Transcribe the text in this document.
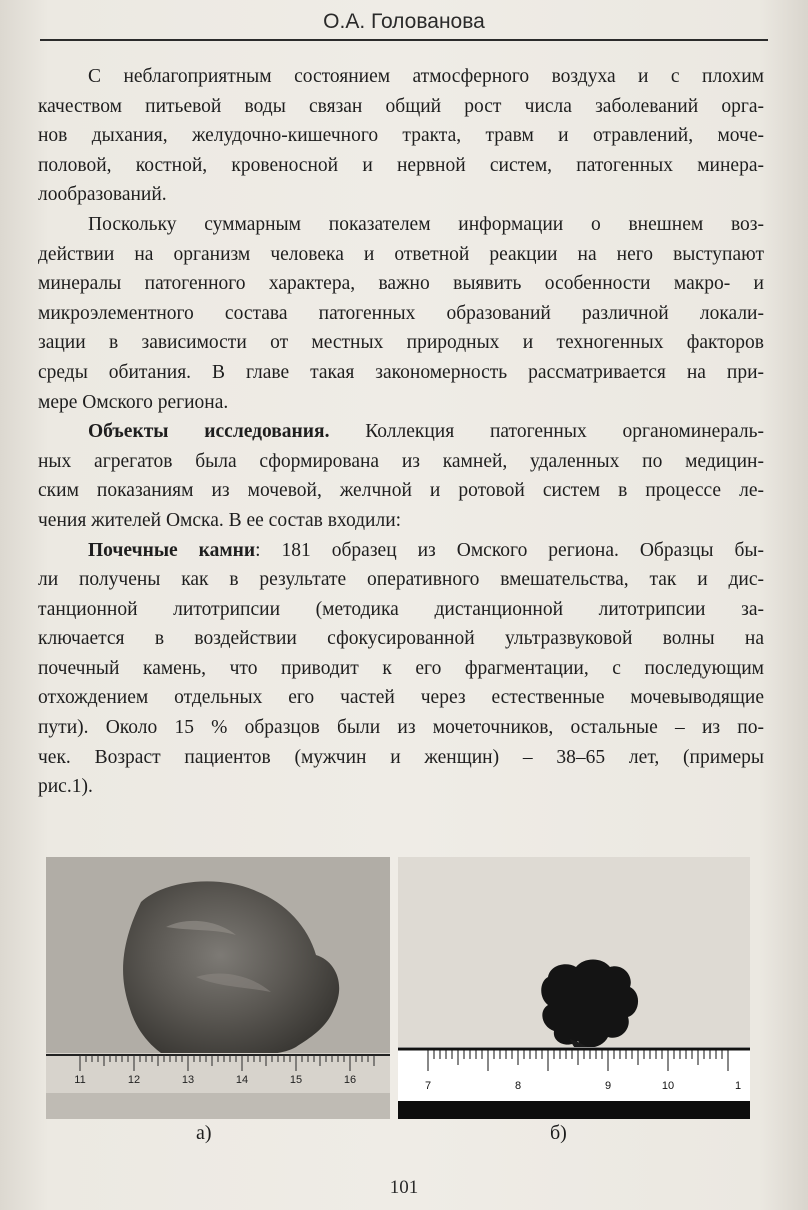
О.А. Голованова

С неблагоприятным состоянием атмосферного воздуха и с плохим
качеством питьевой воды связан общий рост числа заболеваний орга-
нов дыхания, желудочно-кишечного тракта, травм и отравлений, моче-
половой, костной, кровеносной и нервной систем, патогенных минера-
лообразований.

Поскольку суммарным показателем информации о внешнем воз-
действии на организм человека и ответной реакции на него выступают
минералы патогенного характера, важно выявить особенности макро- и
микроэлементного состава патогенных образований различной локали-
зации в зависимости от местных природных и техногенных факторов
среды обитания. В главе такая закономерность рассматривается на при-
мере Омского региона.

Объекты исследования. Коллекция патогенных органоминераль-
ных агрегатов была сформирована из камней, удаленных по медицин-
ским показаниям из мочевой, желчной и ротовой систем в процессе ле-
чения жителей Омска. В ее состав входили:

Почечные камни: 181 образец из Омского региона. Образцы бы-
ли получены как в результате оперативного вмешательства, так и дис-
танционной литотрипсии (методика дистанционной литотрипсии за-
ключается в воздействии сфокусированной ультразвуковой волны на
почечный камень, что приводит к его фрагментации, с последующим
отхождением отдельных его частей через естественные мочевыводящие
пути). Около 15 % образцов были из мочеточников, остальные – из по-
чек. Возраст пациентов (мужчин и женщин) – 38–65 лет, (примеры
рис.1).

11	12	13	14	15	16	7	8	9	10	1
а)	б)
101
